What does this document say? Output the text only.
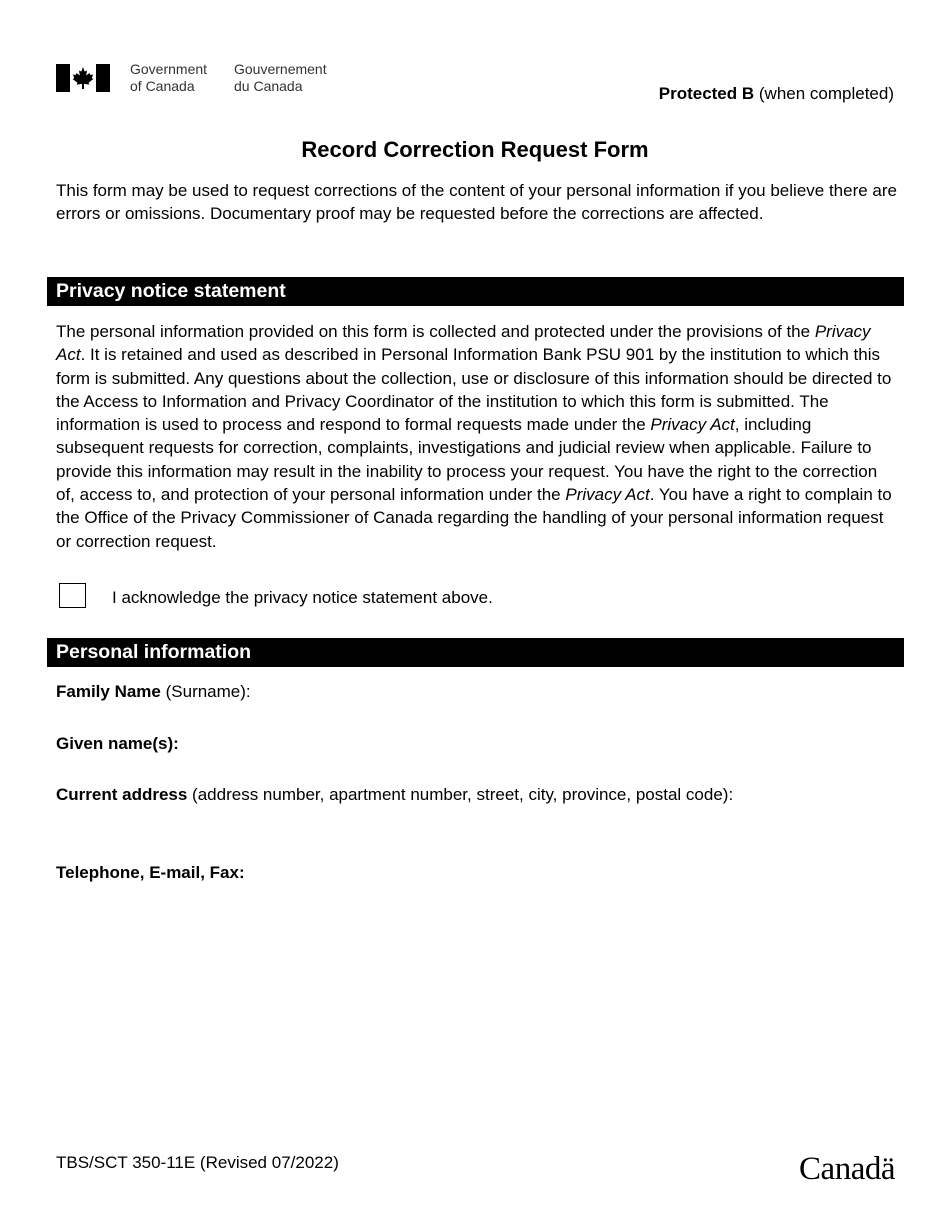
Government
of Canada
Gouvernement
du Canada	Protected B (when completed)
Record Correction Request Form
This form may be used to request corrections of the content of your personal information if you believe there are errors or omissions. Documentary proof may be requested before the corrections are affected.
Privacy notice statement
The personal information provided on this form is collected and protected under the provisions of the Privacy Act. It is retained and used as described in Personal Information Bank PSU 901 by the institution to which this form is submitted. Any questions about the collection, use or disclosure of this information should be directed to the Access to Information and Privacy Coordinator of the institution to which this form is submitted. The information is used to process and respond to formal requests made under the Privacy Act, including subsequent requests for correction, complaints, investigations and judicial review when applicable. Failure to provide this information may result in the inability to process your request. You have the right to the correction of, access to, and protection of your personal information under the Privacy Act. You have a right to complain to the Office of the Privacy Commissioner of Canada regarding the handling of your personal information request or correction request.
I acknowledge the privacy notice statement above.
Personal information
Family Name (Surname):
Given name(s):
Current address (address number, apartment number, street, city, province, postal code):
Telephone, E-mail, Fax:
TBS/SCT 350-11E (Revised 07/2022)	Canadä
